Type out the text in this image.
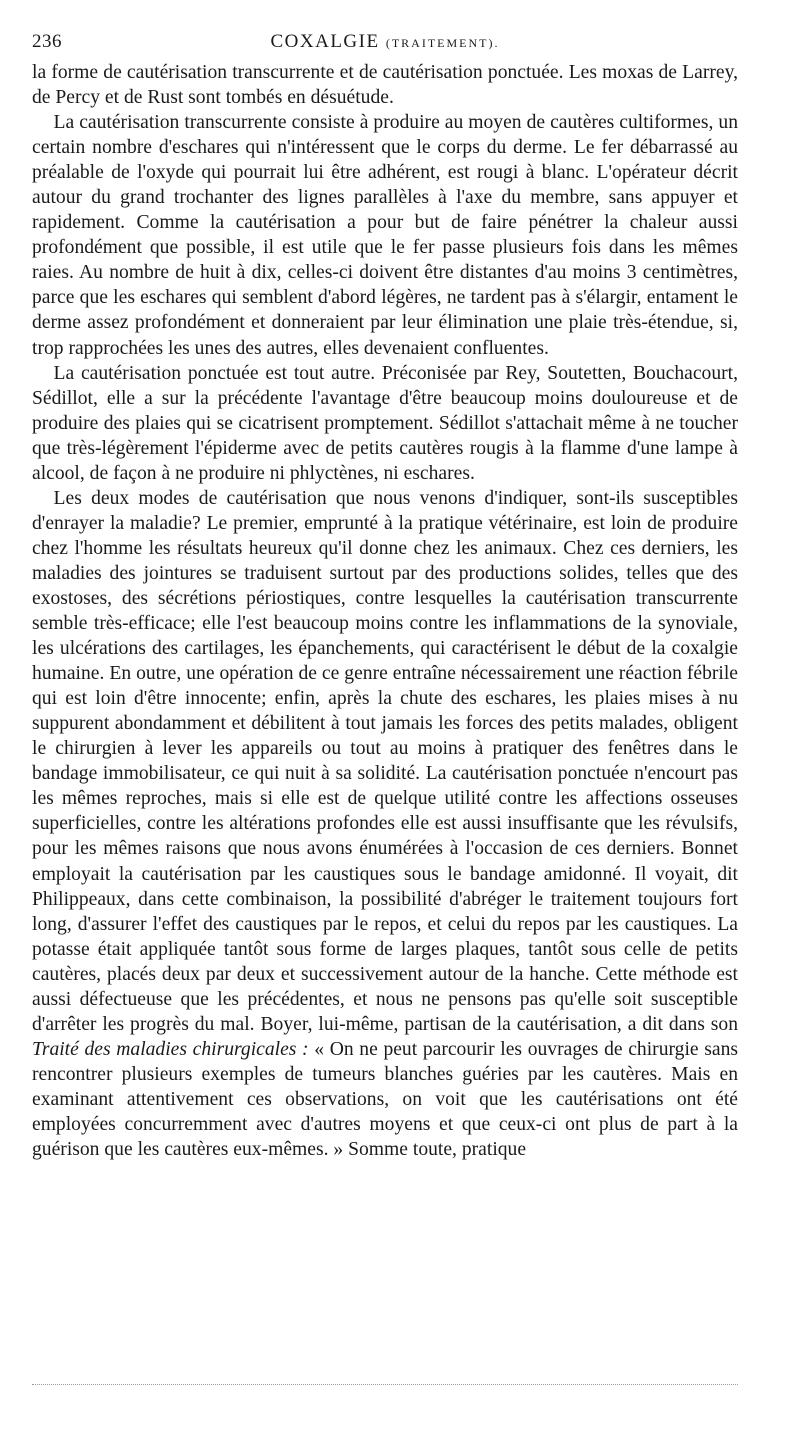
236	COXALGIE (TRAITEMENT).

la forme de cautérisation transcurrente et de cautérisation ponctuée. Les moxas de Larrey, de Percy et de Rust sont tombés en désuétude.

La cautérisation transcurrente consiste à produire au moyen de cautères cultiformes, un certain nombre d'eschares qui n'intéressent que le corps du derme. Le fer débarrassé au préalable de l'oxyde qui pourrait lui être adhérent, est rougi à blanc. L'opérateur décrit autour du grand trochanter des lignes parallèles à l'axe du membre, sans appuyer et rapidement. Comme la cautérisation a pour but de faire pénétrer la chaleur aussi profondément que possible, il est utile que le fer passe plusieurs fois dans les mêmes raies. Au nombre de huit à dix, celles-ci doivent être distantes d'au moins 3 centimètres, parce que les eschares qui semblent d'abord légères, ne tardent pas à s'élargir, entament le derme assez profondément et donneraient par leur élimination une plaie très-étendue, si, trop rapprochées les unes des autres, elles devenaient confluentes.

La cautérisation ponctuée est tout autre. Préconisée par Rey, Soutetten, Bouchacourt, Sédillot, elle a sur la précédente l'avantage d'être beaucoup moins douloureuse et de produire des plaies qui se cicatrisent promptement. Sédillot s'attachait même à ne toucher que très-légèrement l'épiderme avec de petits cautères rougis à la flamme d'une lampe à alcool, de façon à ne produire ni phlyctènes, ni eschares.

Les deux modes de cautérisation que nous venons d'indiquer, sont-ils susceptibles d'enrayer la maladie? Le premier, emprunté à la pratique vétérinaire, est loin de produire chez l'homme les résultats heureux qu'il donne chez les animaux. Chez ces derniers, les maladies des jointures se traduisent surtout par des productions solides, telles que des exostoses, des sécrétions périostiques, contre lesquelles la cautérisation transcurrente semble très-efficace; elle l'est beaucoup moins contre les inflammations de la synoviale, les ulcérations des cartilages, les épanchements, qui caractérisent le début de la coxalgie humaine. En outre, une opération de ce genre entraîne nécessairement une réaction fébrile qui est loin d'être innocente; enfin, après la chute des eschares, les plaies mises à nu suppurent abondamment et débilitent à tout jamais les forces des petits malades, obligent le chirurgien à lever les appareils ou tout au moins à pratiquer des fenêtres dans le bandage immobilisateur, ce qui nuit à sa solidité. La cautérisation ponctuée n'encourt pas les mêmes reproches, mais si elle est de quelque utilité contre les affections osseuses superficielles, contre les altérations profondes elle est aussi insuffisante que les révulsifs, pour les mêmes raisons que nous avons énumérées à l'occasion de ces derniers. Bonnet employait la cautérisation par les caustiques sous le bandage amidonné. Il voyait, dit Philippeaux, dans cette combinaison, la possibilité d'abréger le traitement toujours fort long, d'assurer l'effet des caustiques par le repos, et celui du repos par les caustiques. La potasse était appliquée tantôt sous forme de larges plaques, tantôt sous celle de petits cautères, placés deux par deux et successivement autour de la hanche. Cette méthode est aussi défectueuse que les précédentes, et nous ne pensons pas qu'elle soit susceptible d'arrêter les progrès du mal. Boyer, lui-même, partisan de la cautérisation, a dit dans son Traité des maladies chirurgicales : « On ne peut parcourir les ouvrages de chirurgie sans rencontrer plusieurs exemples de tumeurs blanches guéries par les cautères. Mais en examinant attentivement ces observations, on voit que les cautérisations ont été employées concurremment avec d'autres moyens et que ceux-ci ont plus de part à la guérison que les cautères eux-mêmes. » Somme toute, pratique
